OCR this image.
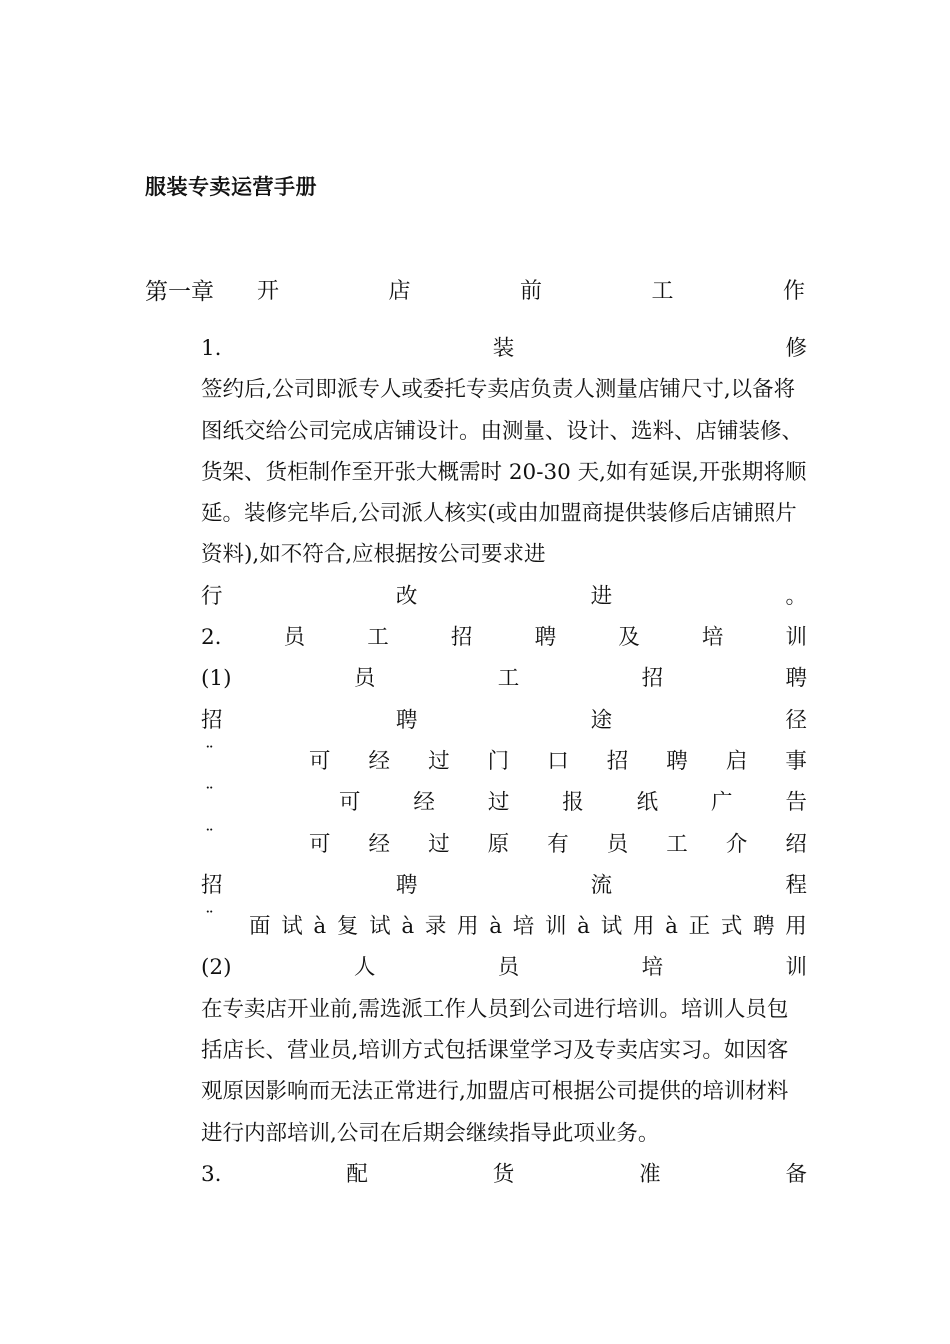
服装专卖运营手册
第一章 开	店	前	工	作
1.	装	修
签约后,公司即派专人或委托专卖店负责人测量店铺尺寸,以备将图纸交给公司完成店铺设计。由测量、设计、选料、店铺装修、货架、货柜制作至开张大概需时 20-30 天,如有延误,开张期将顺延。装修完毕后,公司派人核实(或由加盟商提供装修后店铺照片资料),如不符合,应根据按公司要求进
行	改	进	。
2.	员	工	招	聘	及	培	训
(1)	员	工	招	聘
招	聘	途	径
¨	可 经 过 门 口 招 聘 启 事
¨	可 经 过 报 纸 广 告
¨	可 经 过 原 有 员 工 介 绍
招	聘	流	程
¨ 面 试 à 复 试 à 录 用 à 培 训 à 试 用 à 正 式 聘 用
(2)	人	员	培	训
在专卖店开业前,需选派工作人员到公司进行培训。培训人员包括店长、营业员,培训方式包括课堂学习及专卖店实习。如因客观原因影响而无法正常进行,加盟店可根据公司提供的培训材料进行内部培训,公司在后期会继续指导此项业务。
3.	配	货	准	备
